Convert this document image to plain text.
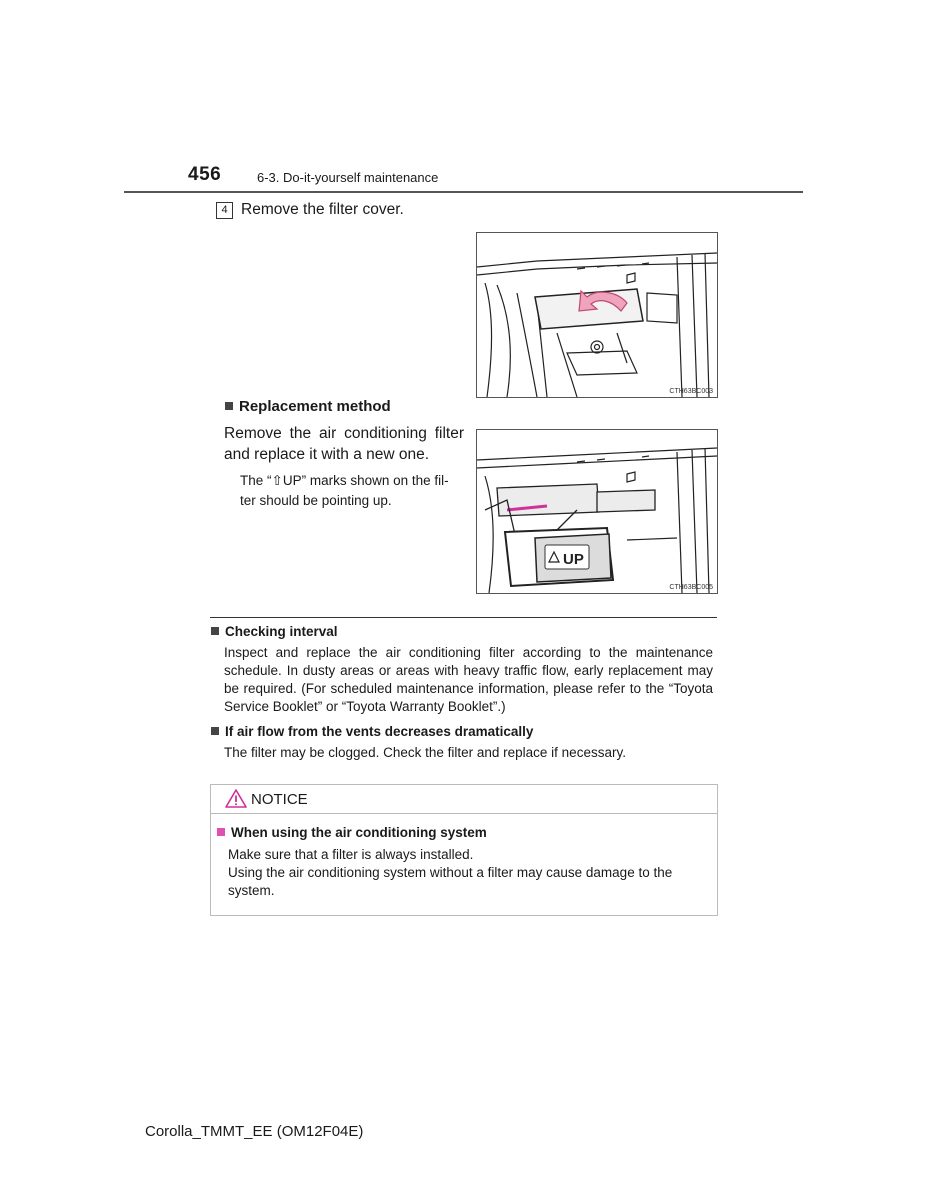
456	6-3. Do-it-yourself maintenance
4 Remove the filter cover.
CTH63BC003
Replacement method
Remove the air conditioning filter and replace it with a new one.
The “⇧UP” marks shown on the fil-ter should be pointing up.
UP
CTH63BC005
Checking interval
Inspect and replace the air conditioning filter according to the maintenance schedule. In dusty areas or areas with heavy traffic flow, early replacement may be required. (For scheduled maintenance information, please refer to the “Toyota Service Booklet” or “Toyota Warranty Booklet”.)
If air flow from the vents decreases dramatically
The filter may be clogged. Check the filter and replace if necessary.
NOTICE
When using the air conditioning system
Make sure that a filter is always installed.
Using the air conditioning system without a filter may cause damage to the system.
Corolla_TMMT_EE (OM12F04E)
